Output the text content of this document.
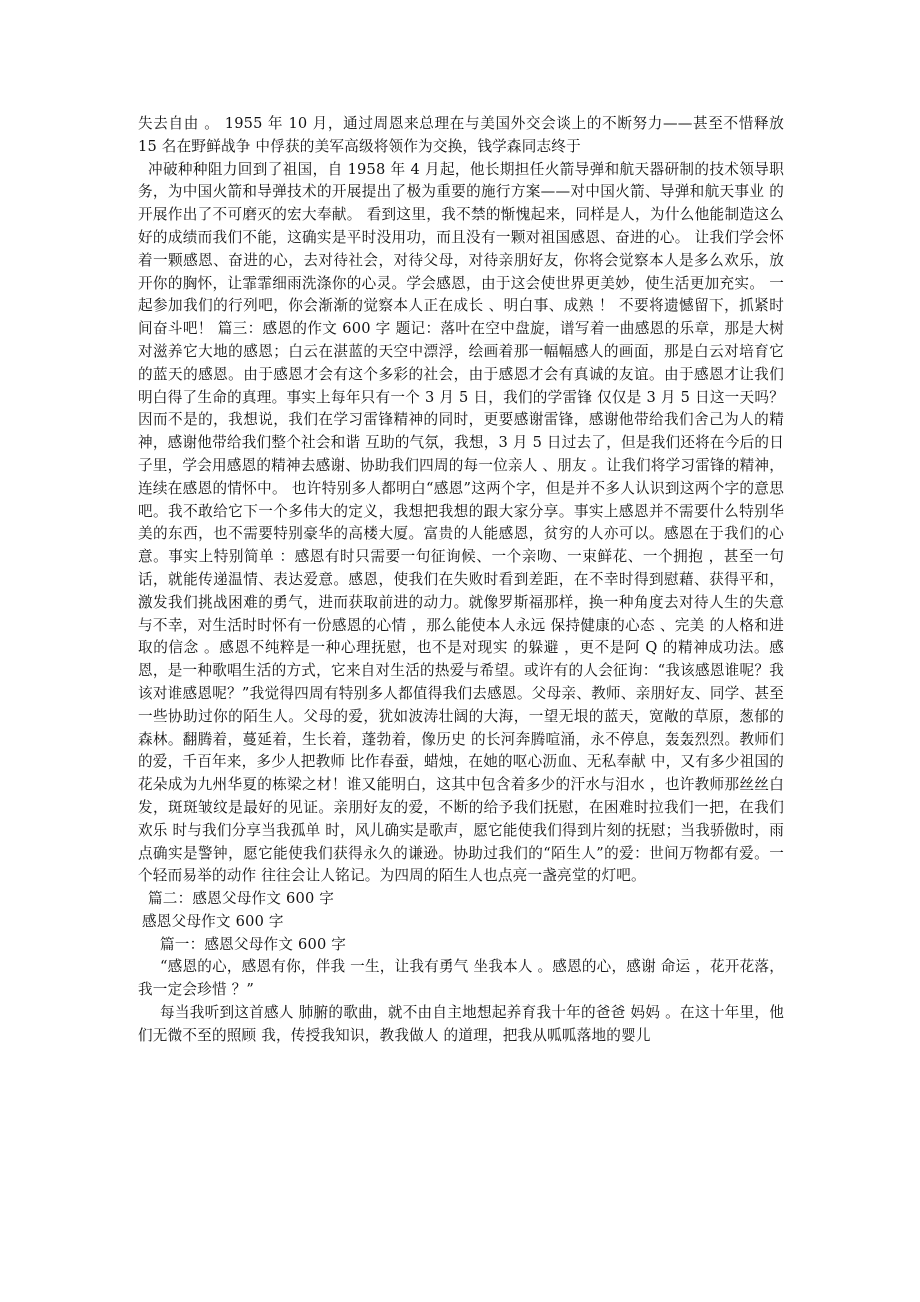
失去自由 。 1955 年 10 月，通过周恩来总理在与美国外交会谈上的不断努力——甚至不惜释放 15 名在野鲜战争 中俘获的美军高级将领作为交换，钱学森同志终于

冲破种种阻力回到了祖国，自 1958 年 4 月起，他长期担任火箭导弹和航天器研制的技术领导职务，为中国火箭和导弹技术的开展提出了极为重要的施行方案——对中国火箭、导弹和航天事业 的开展作出了不可磨灭的宏大奉献。 看到这里，我不禁的惭愧起来，同样是人，为什么他能制造这么好的成绩而我们不能，这确实是平时没用功，而且没有一颗对祖国感恩、奋进的心。 让我们学会怀着一颗感恩、奋进的心，去对待社会，对待父母，对待亲朋好友，你将会觉察本人是多么欢乐，放开你的胸怀，让霏霏细雨洗涤你的心灵。学会感恩，由于这会使世界更美妙，使生活更加充实。 一起参加我们的行列吧，你会渐渐的觉察本人正在成长 、明白事、成熟 ！ 不要将遗憾留下，抓紧时间奋斗吧！ 篇三：感恩的作文 600 字 题记：落叶在空中盘旋，谱写着一曲感恩的乐章，那是大树对滋养它大地的感恩；白云在湛蓝的天空中漂浮，绘画着那一幅幅感人的画面，那是白云对培育它的蓝天的感恩。由于感恩才会有这个多彩的社会，由于感恩才会有真诚的友谊。由于感恩才让我们明白得了生命的真理。事实上每年只有一个 3 月 5 日，我们的学雷锋 仅仅是 3 月 5 日这一天吗？因而不是的，我想说，我们在学习雷锋精神的同时，更要感谢雷锋，感谢他带给我们舍己为人的精神，感谢他带给我们整个社会和谐 互助的气氛，我想，3 月 5 日过去了，但是我们还将在今后的日子里，学会用感恩的精神去感谢、协助我们四周的每一位亲人 、朋友 。让我们将学习雷锋的精神，连续在感恩的情怀中。 也许特别多人都明白“感恩”这两个字，但是并不多人认识到这两个字的意思吧。我不敢给它下一个多伟大的定义，我想把我想的跟大家分享。事实上感恩并不需要什么特别华美的东西，也不需要特别豪华的高楼大厦。富贵的人能感恩，贫穷的人亦可以。感恩在于我们的心意。事实上特别简单 ：感恩有时只需要一句征询候、一个亲吻、一束鲜花、一个拥抱 ，甚至一句话，就能传递温情、表达爱意。感恩，使我们在失败时看到差距，在不幸时得到慰藉、获得平和，激发我们挑战困难的勇气，进而获取前进的动力。就像罗斯福那样，换一种角度去对待人生的失意与不幸，对生活时时怀有一份感恩的心情 ，那么能使本人永远 保持健康的心态 、完美 的人格和进取的信念 。感恩不纯粹是一种心理抚慰，也不是对现实 的躲避 ，更不是阿 Q 的精神成功法。感恩，是一种歌唱生活的方式，它来自对生活的热爱与希望。或许有的人会征询：“我该感恩谁呢？我该对谁感恩呢？”我觉得四周有特别多人都值得我们去感恩。父母亲、教师、亲朋好友、同学、甚至一些协助过你的陌生人。父母的爱，犹如波涛壮阔的大海，一望无垠的蓝天，宽敞的草原，葱郁的森林。翻腾着，蔓延着，生长着，蓬勃着，像历史 的长河奔腾喧涌，永不停息，轰轰烈烈。教师们的爱，千百年来，多少人把教师 比作春蚕，蜡烛，在她的呕心沥血、无私奉献 中，又有多少祖国的花朵成为九州华夏的栋梁之材！谁又能明白，这其中包含着多少的汗水与泪水 ，也许教师那丝丝白发，斑斑皱纹是最好的见证。亲朋好友的爱，不断的给予我们抚慰，在困难时拉我们一把，在我们欢乐 时与我们分享当我孤单 时，风儿确实是歌声，愿它能使我们得到片刻的抚慰；当我骄傲时，雨点确实是警钟，愿它能使我们获得永久的谦逊。协助过我们的“陌生人”的爱：世间万物都有爱。一个轻而易举的动作 往往会让人铭记。为四周的陌生人也点亮一盏亮堂的灯吧。

篇二：感恩父母作文 600 字

感恩父母作文 600 字

篇一：感恩父母作文 600 字

“感恩的心，感恩有你，伴我 一生，让我有勇气 坐我本人 。感恩的心，感谢 命运 ，花开花落，我一定会珍惜 ？”

每当我听到这首感人 肺腑的歌曲，就不由自主地想起养育我十年的爸爸 妈妈 。在这十年里，他们无微不至的照顾 我，传授我知识，教我做人 的道理，把我从呱呱落地的婴儿
